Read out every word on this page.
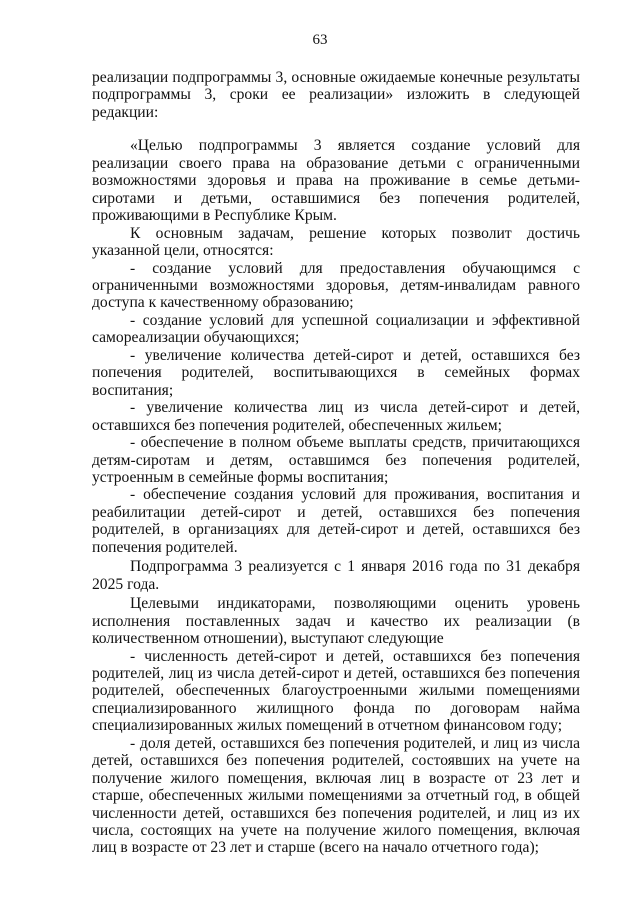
63

реализации подпрограммы 3, основные ожидаемые конечные результаты подпрограммы 3, сроки ее реализации» изложить в следующей редакции:

«Целью подпрограммы 3 является создание условий для реализации своего права на образование детьми с ограниченными возможностями здоровья и права на проживание в семье детьми-сиротами и детьми, оставшимися без попечения родителей, проживающими в Республике Крым.

К основным задачам, решение которых позволит достичь указанной цели, относятся:

- создание условий для предоставления обучающимся с ограниченными возможностями здоровья, детям-инвалидам равного доступа к качественному образованию;

- создание условий для успешной социализации и эффективной самореализации обучающихся;

- увеличение количества детей-сирот и детей, оставшихся без попечения родителей, воспитывающихся в семейных формах воспитания;

- увеличение количества лиц из числа детей-сирот и детей, оставшихся без попечения родителей, обеспеченных жильем;

- обеспечение в полном объеме выплаты средств, причитающихся детям-сиротам и детям, оставшимся без попечения родителей, устроенным в семейные формы воспитания;

- обеспечение создания условий для проживания, воспитания и реабилитации детей-сирот и детей, оставшихся без попечения родителей, в организациях для детей-сирот и детей, оставшихся без попечения родителей.

Подпрограмма 3 реализуется с 1 января 2016 года по 31 декабря 2025 года.

Целевыми индикаторами, позволяющими оценить уровень исполнения поставленных задач и качество их реализации (в количественном отношении), выступают следующие

- численность детей-сирот и детей, оставшихся без попечения родителей, лиц из числа детей-сирот и детей, оставшихся без попечения родителей, обеспеченных благоустроенными жилыми помещениями специализированного жилищного фонда по договорам найма специализированных жилых помещений в отчетном финансовом году;

- доля детей, оставшихся без попечения родителей, и лиц из числа детей, оставшихся без попечения родителей, состоявших на учете на получение жилого помещения, включая лиц в возрасте от 23 лет и старше, обеспеченных жилыми помещениями за отчетный год, в общей численности детей, оставшихся без попечения родителей, и лиц из их числа, состоящих на учете на получение жилого помещения, включая лиц в возрасте от 23 лет и старше (всего на начало отчетного года);
